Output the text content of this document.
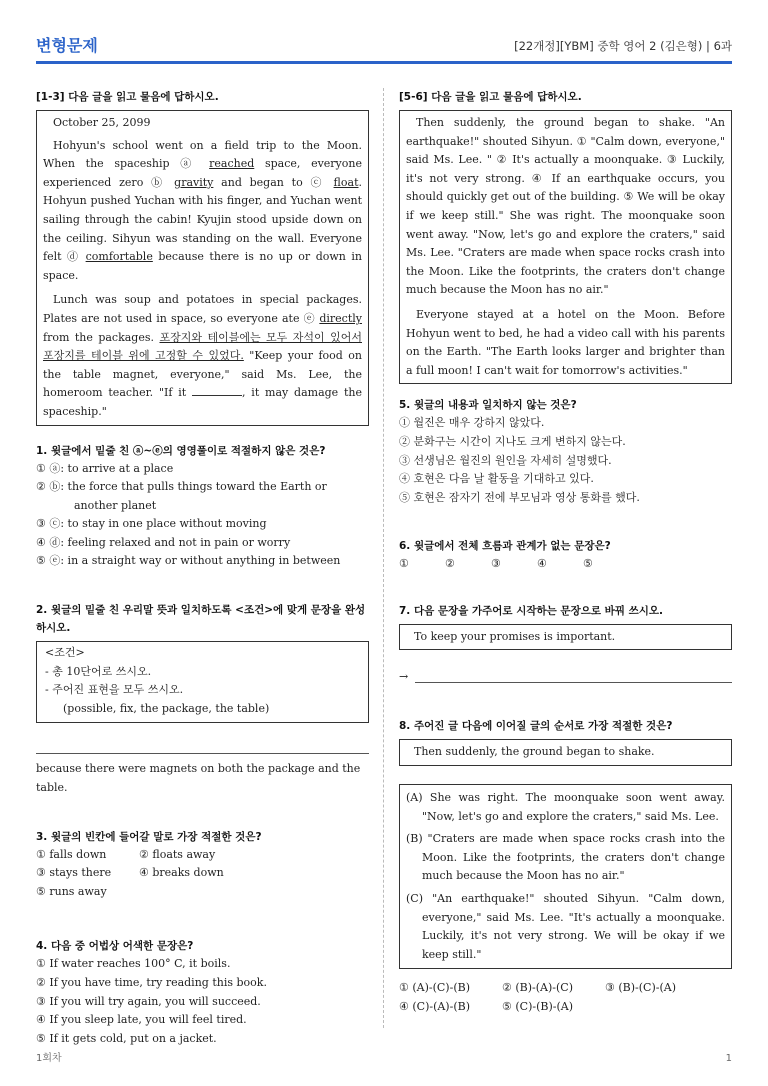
변형문제	[22개정][YBM] 중학 영어 2 (김은형) | 6과
[1-3] 다음 글을 읽고 물음에 답하시오.
October 25, 2099

Hohyun's school went on a field trip to the Moon. When the spaceship ⓐ reached space, everyone experienced zero ⓑ gravity and began to ⓒ float. Hohyun pushed Yuchan with his finger, and Yuchan went sailing through the cabin! Kyujin stood upside down on the ceiling. Sihyun was standing on the wall. Everyone felt ⓓ comfortable because there is no up or down in space.

Lunch was soup and potatoes in special packages. Plates are not used in space, so everyone ate ⓔ directly from the packages. 포장지와 테이블에는 모두 자석이 있어서 포장지를 테이블 위에 고정할 수 있었다. "Keep your food on the table magnet, everyone," said Ms. Lee, the homeroom teacher. "If it	, it may damage the spaceship."

1. 윗글에서 밑줄 친 ⓐ~ⓔ의 영영풀이로 적절하지 않은 것은?
① ⓐ: to arrive at a place
② ⓑ: the force that pulls things toward the Earth or another planet
③ ⓒ: to stay in one place without moving
④ ⓓ: feeling relaxed and not in pain or worry
⑤ ⓔ: in a straight way or without anything in between
2. 윗글의 밑줄 친 우리말 뜻과 일치하도록 <조건>에 맞게 문장을 완성하시오.
<조건>
- 총 10단어로 쓰시오.
- 주어진 표현을 모두 쓰시오.
(possible, fix, the package, the table)
because there were magnets on both the package and the table.
3. 윗글의 빈칸에 들어갈 말로 가장 적절한 것은?
① falls down	② floats away
③ stays there	④ breaks down
⑤ runs away
4. 다음 중 어법상 어색한 문장은?
① If water reaches 100° C, it boils.
② If you have time, try reading this book.
③ If you will try again, you will succeed.
④ If you sleep late, you will feel tired.
⑤ If it gets cold, put on a jacket.
[5-6] 다음 글을 읽고 물음에 답하시오.

Then suddenly, the ground began to shake. "An earthquake!" shouted Sihyun. ① "Calm down, everyone," said Ms. Lee. " ② It's actually a moonquake. ③ Luckily, it's not very strong. ④ If an earthquake occurs, you should quickly get out of the building. ⑤ We will be okay if we keep still." She was right. The moonquake soon went away. "Now, let's go and explore the craters," said Ms. Lee. "Craters are made when space rocks crash into the Moon. Like the footprints, the craters don't change much because the Moon has no air."

Everyone stayed at a hotel on the Moon. Before Hohyun went to bed, he had a video call with his parents on the Earth. "The Earth looks larger and brighter than a full moon! I can't wait for tomorrow's activities."

5. 윗글의 내용과 일치하지 않는 것은?
① 월진은 매우 강하지 않았다.
② 분화구는 시간이 지나도 크게 변하지 않는다.
③ 선생님은 월진의 원인을 자세히 설명했다.
④ 호현은 다음 날 활동을 기대하고 있다.
⑤ 호현은 잠자기 전에 부모님과 영상 통화를 했다.
6. 윗글에서 전체 흐름과 관계가 없는 문장은?
①	②	③	④	⑤
7. 다음 문장을 가주어로 시작하는 문장으로 바꿔 쓰시오.
To keep your promises is important.
→
8. 주어진 글 다음에 이어질 글의 순서로 가장 적절한 것은?
Then suddenly, the ground began to shake.
(A) She was right. The moonquake soon went away. "Now, let's go and explore the craters," said Ms. Lee.
(B) "Craters are made when space rocks crash into the Moon. Like the footprints, the craters don't change much because the Moon has no air."
(C) "An earthquake!" shouted Sihyun. "Calm down, everyone," said Ms. Lee. "It's actually a moonquake. Luckily, it's not very strong. We will be okay if we keep still."
① (A)-(C)-(B)	② (B)-(A)-(C)	③ (B)-(C)-(A)
④ (C)-(A)-(B)	⑤ (C)-(B)-(A)
1회차	1
